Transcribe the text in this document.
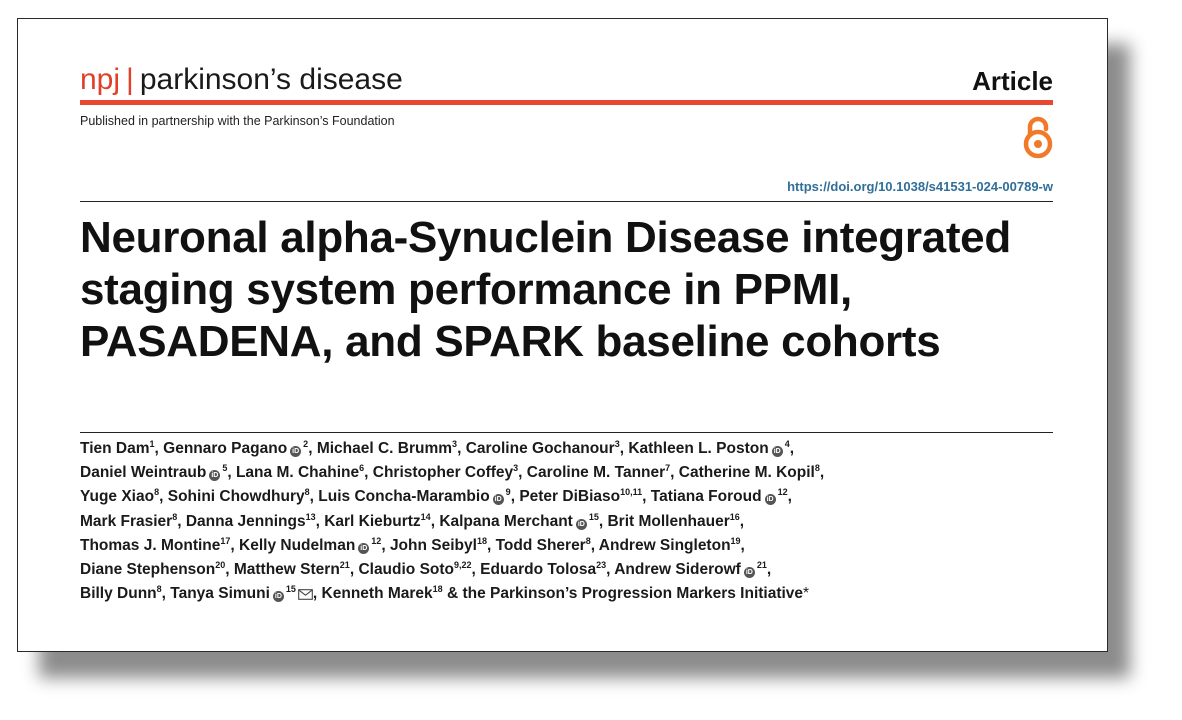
npj | parkinson’s disease	Article
Published in partnership with the Parkinson’s Foundation
https://doi.org/10.1038/s41531-024-00789-w
Neuronal alpha-Synuclein Disease integrated staging system performance in PPMI, PASADENA, and SPARK baseline cohorts
Tien Dam$^1$, Gennaro Pagano $iD^2$, Michael C. Brumm$^3$, Caroline Gochanour$^3$, Kathleen L. Poston $iD^4$,
Daniel Weintraub $iD^5$, Lana M. Chahine$^6$, Christopher Coffey$^3$, Caroline M. Tanner$^7$, Catherine M. Kopil$^8$,
Yuge Xiao$^8$, Sohini Chowdhury$^8$, Luis Concha-Marambio $iD^9$, Peter DiBiaso$^{10,11}$, Tatiana Foroud $iD^{12}$,
Mark Frasier$^8$, Danna Jennings$^{13}$, Karl Kieburtz$^{14}$, Kalpana Merchant $iD^{15}$, Brit Mollenhauer$^{16}$,
Thomas J. Montine$^{17}$, Kelly Nudelman $iD^{12}$, John Seibyl$^{18}$, Todd Sherer$^8$, Andrew Singleton$^{19}$,
Diane Stephenson$^{20}$, Matthew Stern$^{21}$, Claudio Soto$^{9,22}$, Eduardo Tolosa$^{23}$, Andrew Siderowf $iD^{21}$,
Billy Dunn$^8$, Tanya Simuni $iD^{15}$ , Kenneth Marek$^{18}$ & the Parkinson’s Progression Markers Initiative*
